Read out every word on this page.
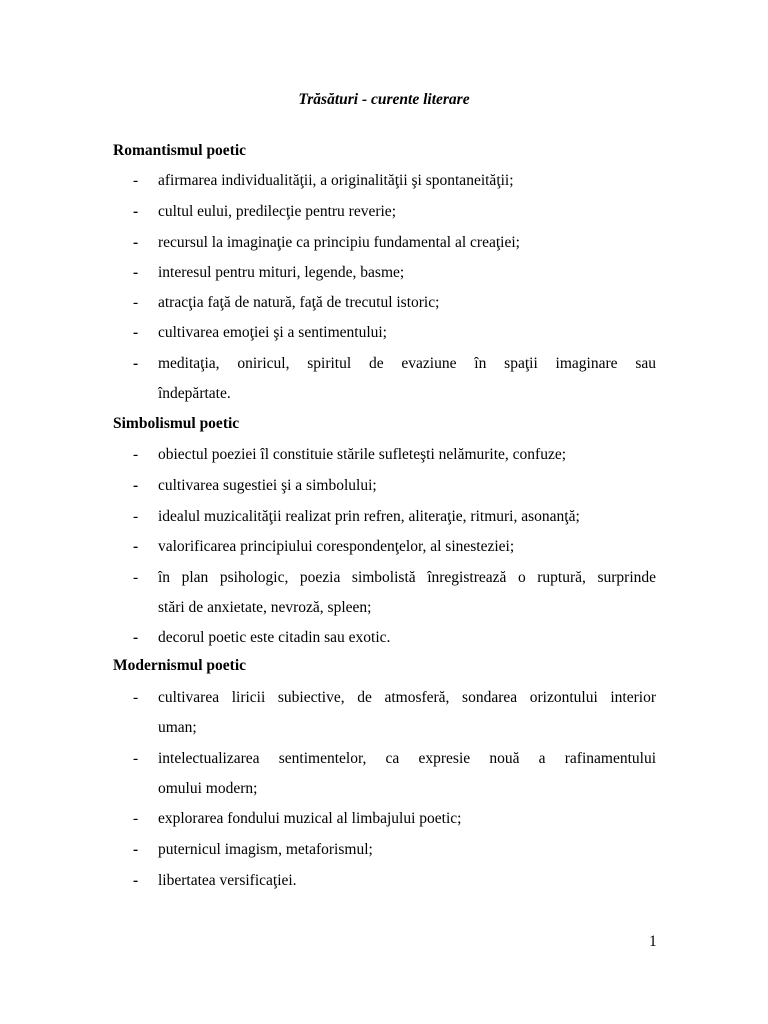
Trăsături - curente literare
Romantismul poetic
-	afirmarea individualităţii, a originalităţii şi spontaneităţii;
-	cultul eului, predilecţie pentru reverie;
-	recursul la imaginaţie ca principiu fundamental al creaţiei;
-	interesul pentru mituri, legende, basme;
-	atracţia faţă de natură, faţă de trecutul istoric;
-	cultivarea emoţiei şi a sentimentului;
-	meditaţia, oniricul, spiritul de evaziune în spaţii imaginare sau
îndepărtate.
Simbolismul poetic
-	obiectul poeziei îl constituie stările sufleteşti nelămurite, confuze;
-	cultivarea sugestiei şi a simbolului;
-	idealul muzicalităţii realizat prin refren, aliteraţie, ritmuri, asonanţă;
-	valorificarea principiului corespondenţelor, al sinesteziei;
-	în plan psihologic, poezia simbolistă înregistrează o ruptură, surprinde
stări de anxietate, nevroză, spleen;
-	decorul poetic este citadin sau exotic.
Modernismul poetic
-	cultivarea liricii subiective, de atmosferă, sondarea orizontului interior
uman;
-	intelectualizarea sentimentelor, ca expresie nouă a rafinamentului
omului modern;
-	explorarea fondului muzical al limbajului poetic;
-	puternicul imagism, metaforismul;
-	libertatea versificaţiei.
1
